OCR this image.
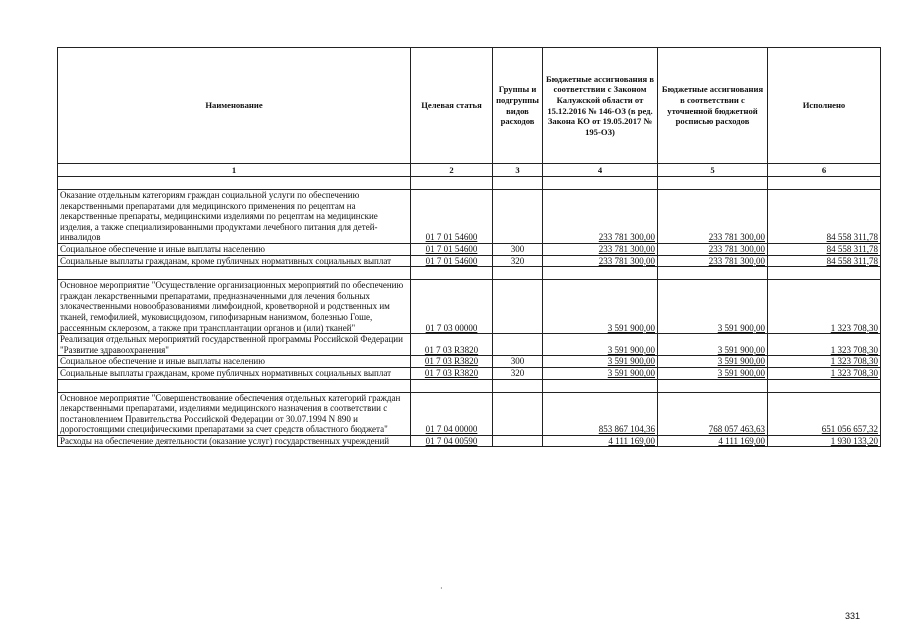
Наименование	Целевая статья	Группы и подгруппы видов расходов	Бюджетные ассигнования в соответствии с Законом Калужской области от 15.12.2016 № 146-ОЗ (в ред. Закона КО от 19.05.2017 № 195-ОЗ)	Бюджетные ассигнования в соответствии с уточненной бюджетной росписью расходов	Исполнено
1	2	3	4	5	6

Оказание отдельным категориям граждан социальной услуги по обеспечению лекарственными препаратами для медицинского применения по рецептам на лекарственные препараты, медицинскими изделиями по рецептам на медицинские изделия, а также специализированными продуктами лечебного питания для детей-инвалидов	01 7 01 54600		233 781 300,00	233 781 300,00	84 558 311,78
Социальное обеспечение и иные выплаты населению	01 7 01 54600	300	233 781 300,00	233 781 300,00	84 558 311,78
Социальные выплаты гражданам, кроме публичных нормативных социальных выплат	01 7 01 54600	320	233 781 300,00	233 781 300,00	84 558 311,78

Основное мероприятие "Осуществление организационных мероприятий по обеспечению граждан лекарственными препаратами, предназначенными для лечения больных злокачественными новообразованиями лимфоидной, кроветворной и родственных им тканей, гемофилией, муковисцидозом, гипофизарным нанизмом, болезнью Гоше, рассеянным склерозом, а также при трансплантации органов и (или) тканей"	01 7 03 00000		3 591 900,00	3 591 900,00	1 323 708,30
Реализация отдельных мероприятий государственной программы Российской Федерации "Развитие здравоохранения"	01 7 03 R3820		3 591 900,00	3 591 900,00	1 323 708,30
Социальное обеспечение и иные выплаты населению	01 7 03 R3820	300	3 591 900,00	3 591 900,00	1 323 708,30
Социальные выплаты гражданам, кроме публичных нормативных социальных выплат	01 7 03 R3820	320	3 591 900,00	3 591 900,00	1 323 708,30

Основное мероприятие "Совершенствование обеспечения отдельных категорий граждан лекарственными препаратами, изделиями медицинского назначения в соответствии с постановлением Правительства Российской Федерации от 30.07.1994 N 890 и дорогостоящими специфическими препаратами за счет средств областного бюджета"	01 7 04 00000		853 867 104,36	768 057 463,63	651 056 657,32
Расходы на обеспечение деятельности (оказание услуг) государственных учреждений	01 7 04 00590		4 111 169,00	4 111 169,00	1 930 133,20
·
331
